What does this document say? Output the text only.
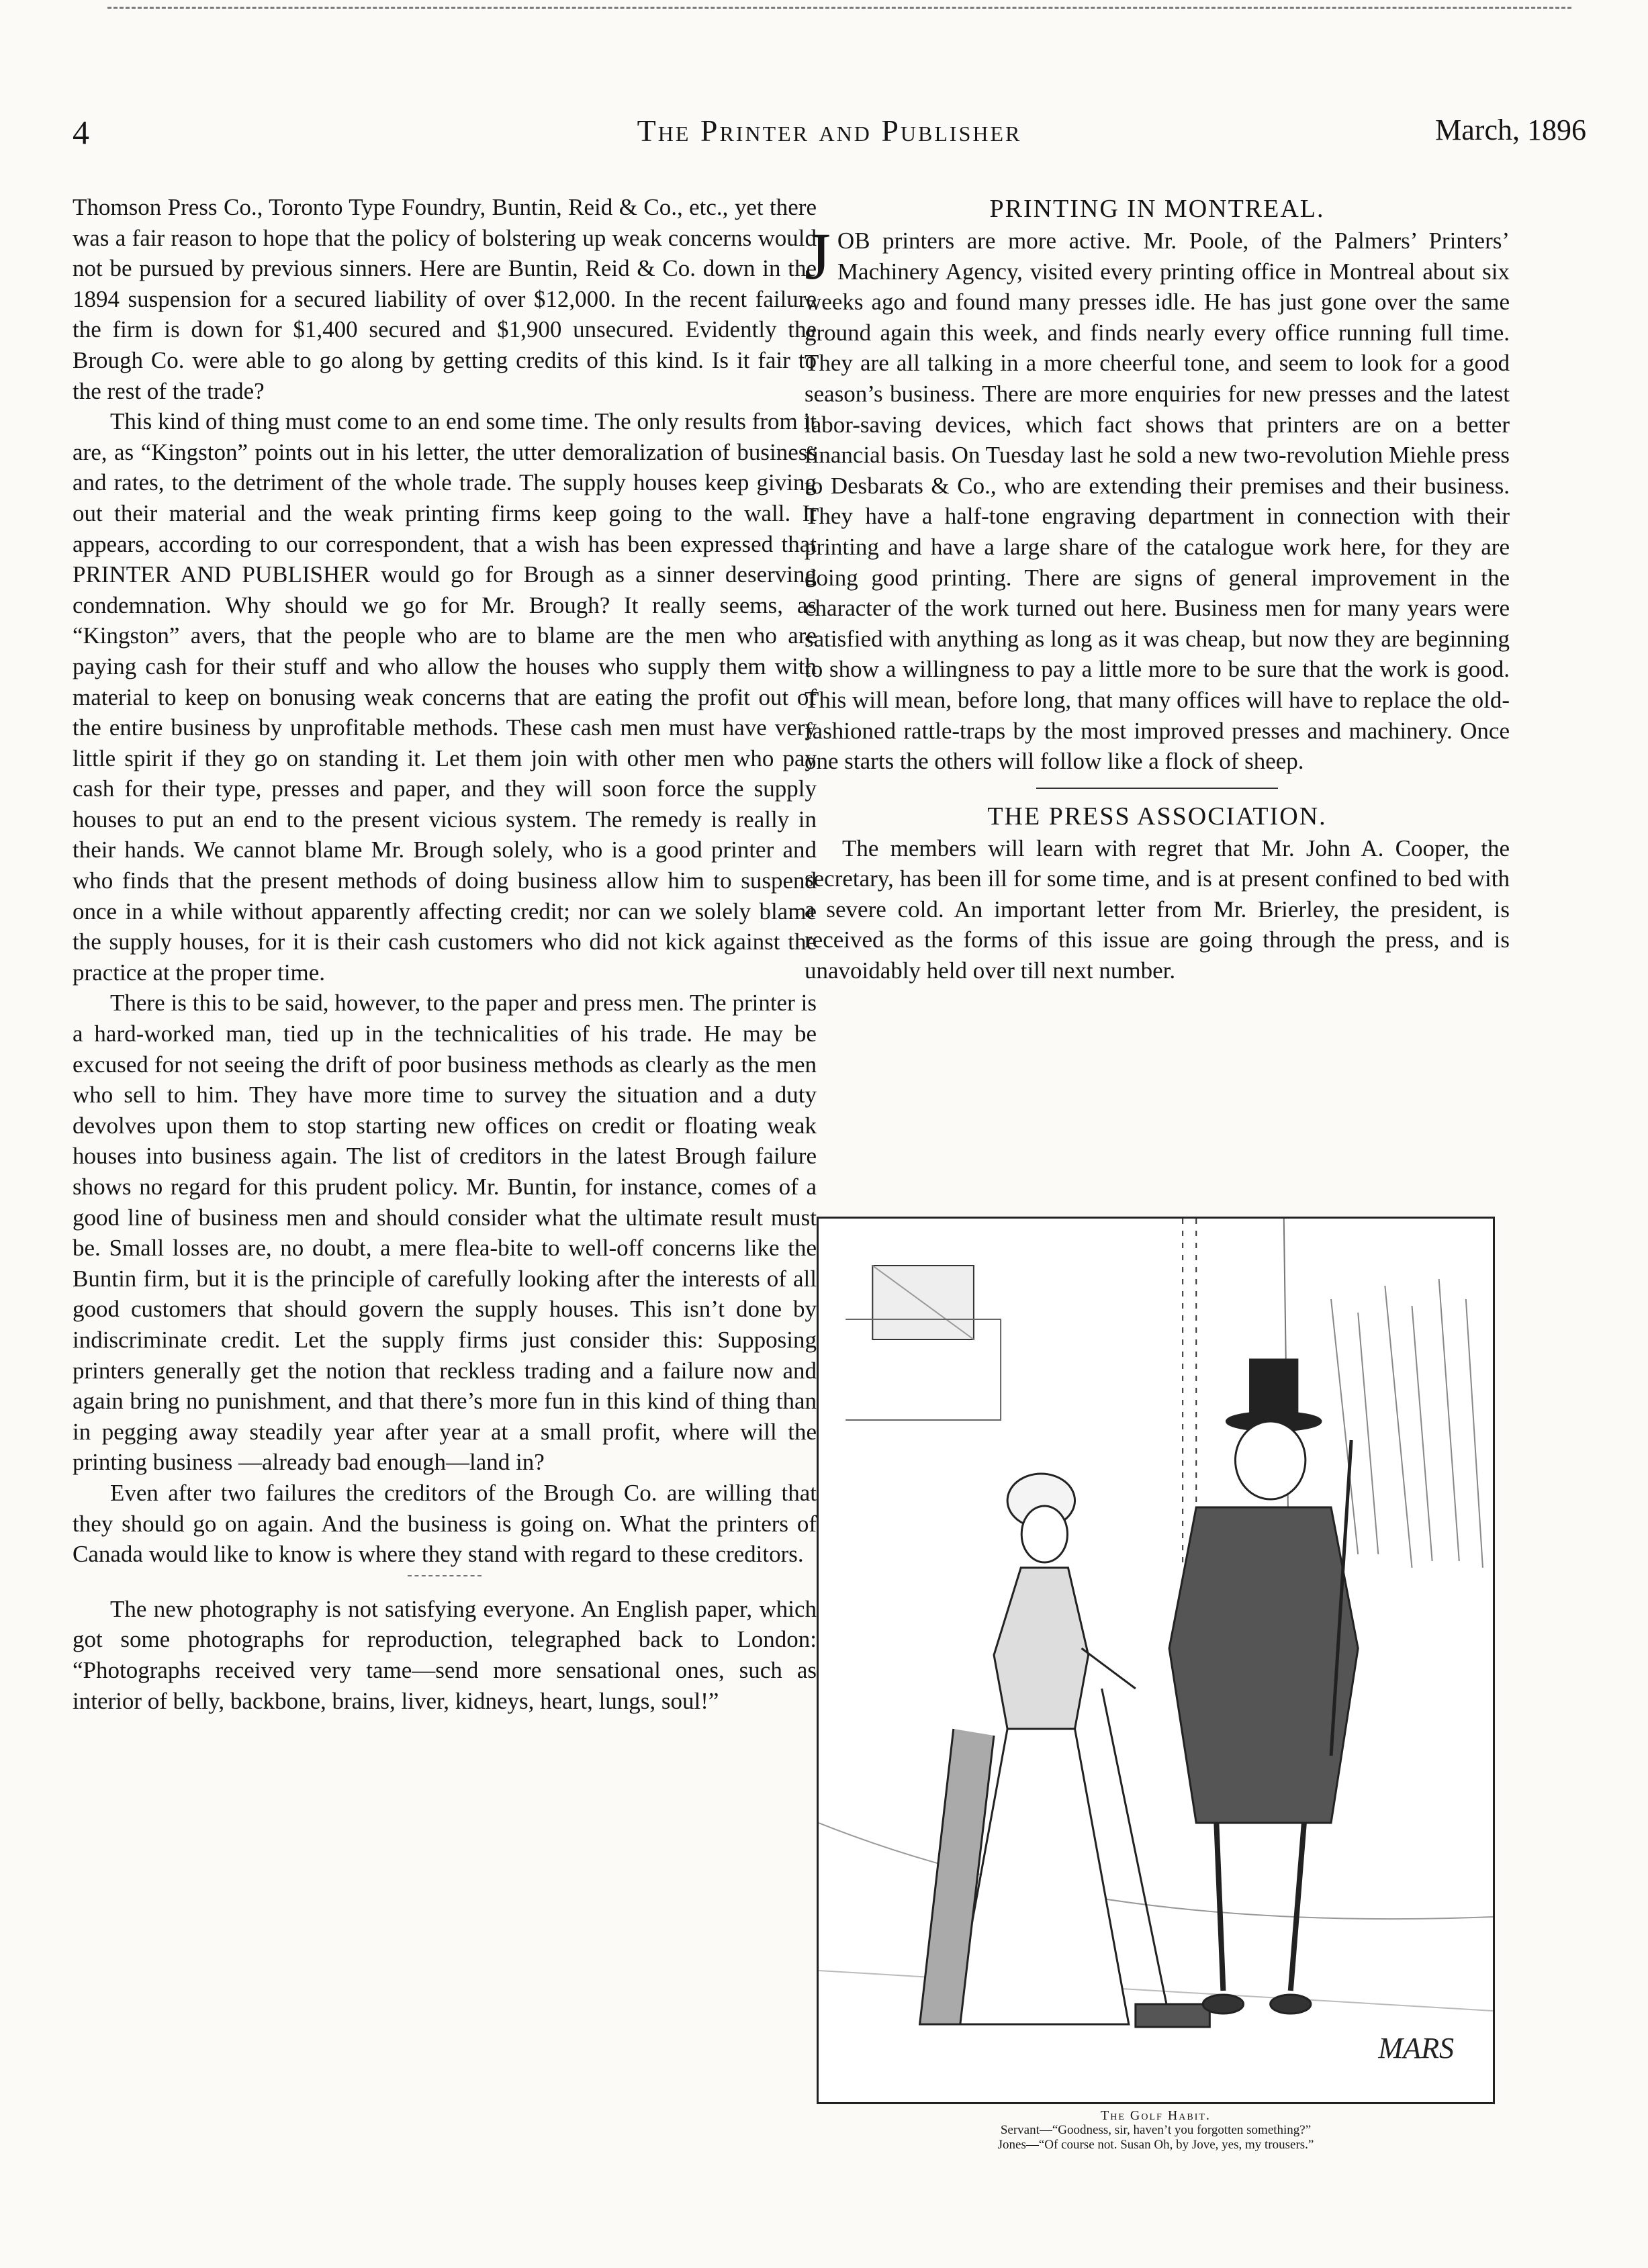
4	The Printer and Publisher	March, 1896

Thomson Press Co., Toronto Type Foundry, Buntin, Reid & Co., etc., yet there was a fair reason to hope that the policy of bolstering up weak concerns would not be pursued by previous sinners. Here are Buntin, Reid & Co. down in the 1894 suspension for a secured liability of over $12,000. In the recent failure the firm is down for $1,400 secured and $1,900 unsecured. Evidently the Brough Co. were able to go along by getting credits of this kind. Is it fair to the rest of the trade?

This kind of thing must come to an end some time. The only results from it are, as “Kingston” points out in his letter, the utter demoralization of business and rates, to the detriment of the whole trade. The supply houses keep giving out their material and the weak printing firms keep going to the wall. It appears, according to our correspondent, that a wish has been expressed that PRINTER AND PUBLISHER would go for Brough as a sinner deserving condemnation. Why should we go for Mr. Brough? It really seems, as “Kingston” avers, that the people who are to blame are the men who are paying cash for their stuff and who allow the houses who supply them with material to keep on bonusing weak concerns that are eating the profit out of the entire business by unprofitable methods. These cash men must have very little spirit if they go on standing it. Let them join with other men who pay cash for their type, presses and paper, and they will soon force the supply houses to put an end to the present vicious system. The remedy is really in their hands. We cannot blame Mr. Brough solely, who is a good printer and who finds that the present methods of doing business allow him to suspend once in a while without apparently affecting credit; nor can we solely blame the supply houses, for it is their cash customers who did not kick against the practice at the proper time.

There is this to be said, however, to the paper and press men. The printer is a hard-worked man, tied up in the technicalities of his trade. He may be excused for not seeing the drift of poor business methods as clearly as the men who sell to him. They have more time to survey the situation and a duty devolves upon them to stop starting new offices on credit or floating weak houses into business again. The list of creditors in the latest Brough failure shows no regard for this prudent policy. Mr. Buntin, for instance, comes of a good line of business men and should consider what the ultimate result must be. Small losses are, no doubt, a mere flea-bite to well-off concerns like the Buntin firm, but it is the principle of carefully looking after the interests of all good customers that should govern the supply houses. This isn’t done by indiscriminate credit. Let the supply firms just consider this: Supposing printers generally get the notion that reckless trading and a failure now and again bring no punishment, and that there’s more fun in this kind of thing than in pegging away steadily year after year at a small profit, where will the printing business —already bad enough—land in?

Even after two failures the creditors of the Brough Co. are willing that they should go on again. And the business is going on. What the printers of Canada would like to know is where they stand with regard to these creditors.

The new photography is not satisfying everyone. An English paper, which got some photographs for reproduction, telegraphed back to London: “Photographs received very tame—send more sensational ones, such as interior of belly, backbone, brains, liver, kidneys, heart, lungs, soul!”

PRINTING IN MONTREAL.

JOB printers are more active. Mr. Poole, of the Palmers’ Printers’ Machinery Agency, visited every printing office in Montreal about six weeks ago and found many presses idle. He has just gone over the same ground again this week, and finds nearly every office running full time. They are all talking in a more cheerful tone, and seem to look for a good season’s business. There are more enquiries for new presses and the latest labor-saving devices, which fact shows that printers are on a better financial basis. On Tuesday last he sold a new two-revolution Miehle press to Desbarats & Co., who are extending their premises and their business. They have a half-tone engraving department in connection with their printing and have a large share of the catalogue work here, for they are doing good printing. There are signs of general improvement in the character of the work turned out here. Business men for many years were satisfied with anything as long as it was cheap, but now they are beginning to show a willingness to pay a little more to be sure that the work is good. This will mean, before long, that many offices will have to replace the old-fashioned rattle-traps by the most improved presses and machinery. Once one starts the others will follow like a flock of sheep.

THE PRESS ASSOCIATION.

The members will learn with regret that Mr. John A. Cooper, the secretary, has been ill for some time, and is at present confined to bed with a severe cold. An important letter from Mr. Brierley, the president, is received as the forms of this issue are going through the press, and is unavoidably held over till next number.

MARS
The Golf Habit.
Servant—“Goodness, sir, haven’t you forgotten something?”
Jones—“Of course not. Susan Oh, by Jove, yes, my trousers.”
